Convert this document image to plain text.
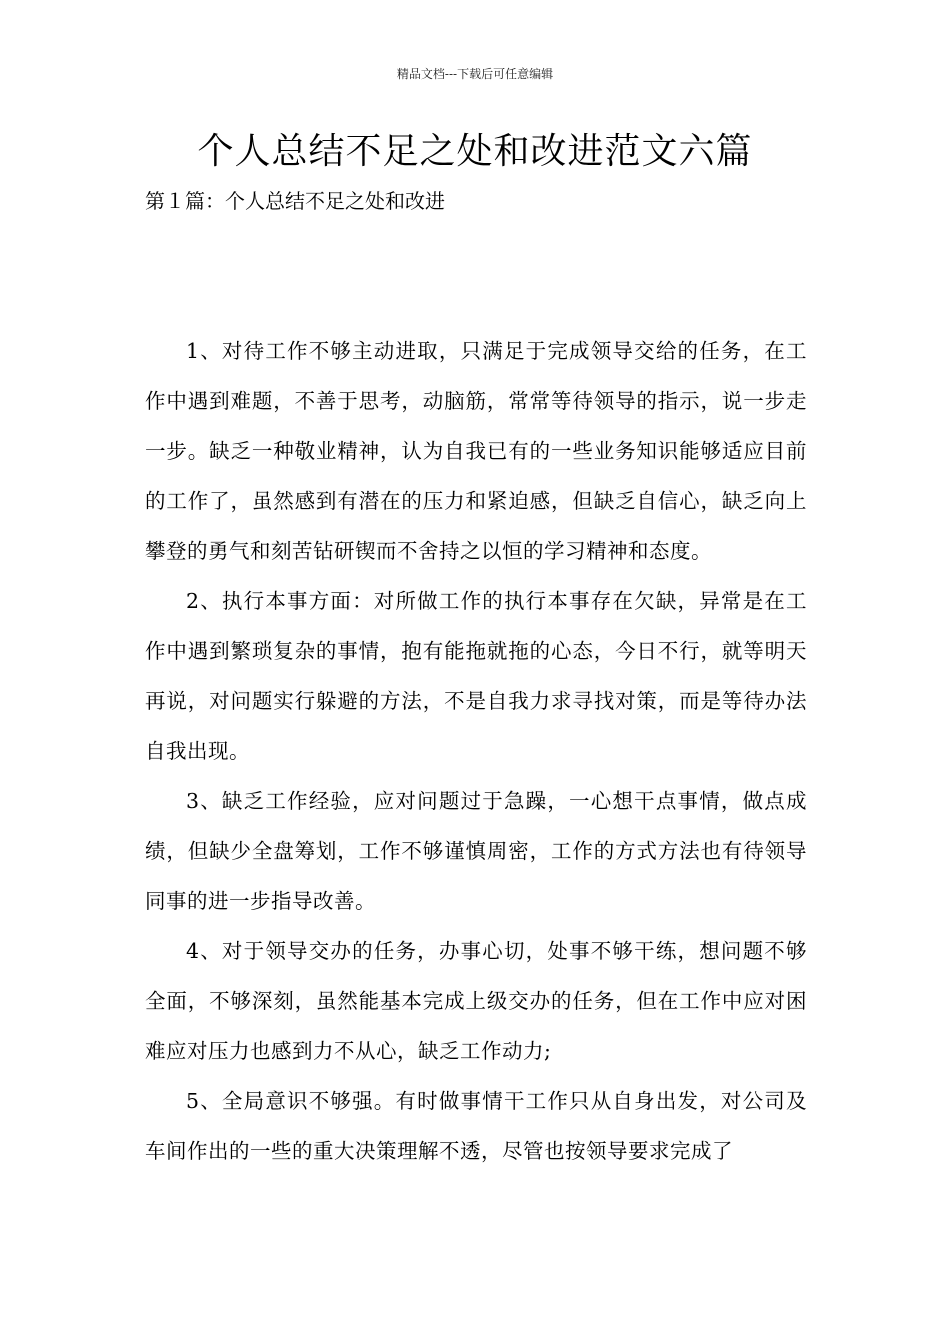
精品文档---下载后可任意编辑
个人总结不足之处和改进范文六篇
第１篇：个人总结不足之处和改进

1、对待工作不够主动进取，只满足于完成领导交给的任务，在工作中遇到难题，不善于思考，动脑筋，常常等待领导的指示，说一步走一步。缺乏一种敬业精神，认为自我已有的一些业务知识能够适应目前的工作了，虽然感到有潜在的压力和紧迫感，但缺乏自信心，缺乏向上攀登的勇气和刻苦钻研锲而不舍持之以恒的学习精神和态度。

2、执行本事方面：对所做工作的执行本事存在欠缺，异常是在工作中遇到繁琐复杂的事情，抱有能拖就拖的心态，今日不行，就等明天再说，对问题实行躲避的方法，不是自我力求寻找对策，而是等待办法自我出现。

3、缺乏工作经验，应对问题过于急躁，一心想干点事情，做点成绩，但缺少全盘筹划，工作不够谨慎周密，工作的方式方法也有待领导同事的进一步指导改善。

4、对于领导交办的任务，办事心切，处事不够干练，想问题不够全面，不够深刻，虽然能基本完成上级交办的任务，但在工作中应对困难应对压力也感到力不从心，缺乏工作动力;

5、全局意识不够强。有时做事情干工作只从自身出发，对公司及车间作出的一些的重大决策理解不透，尽管也按领导要求完成了
